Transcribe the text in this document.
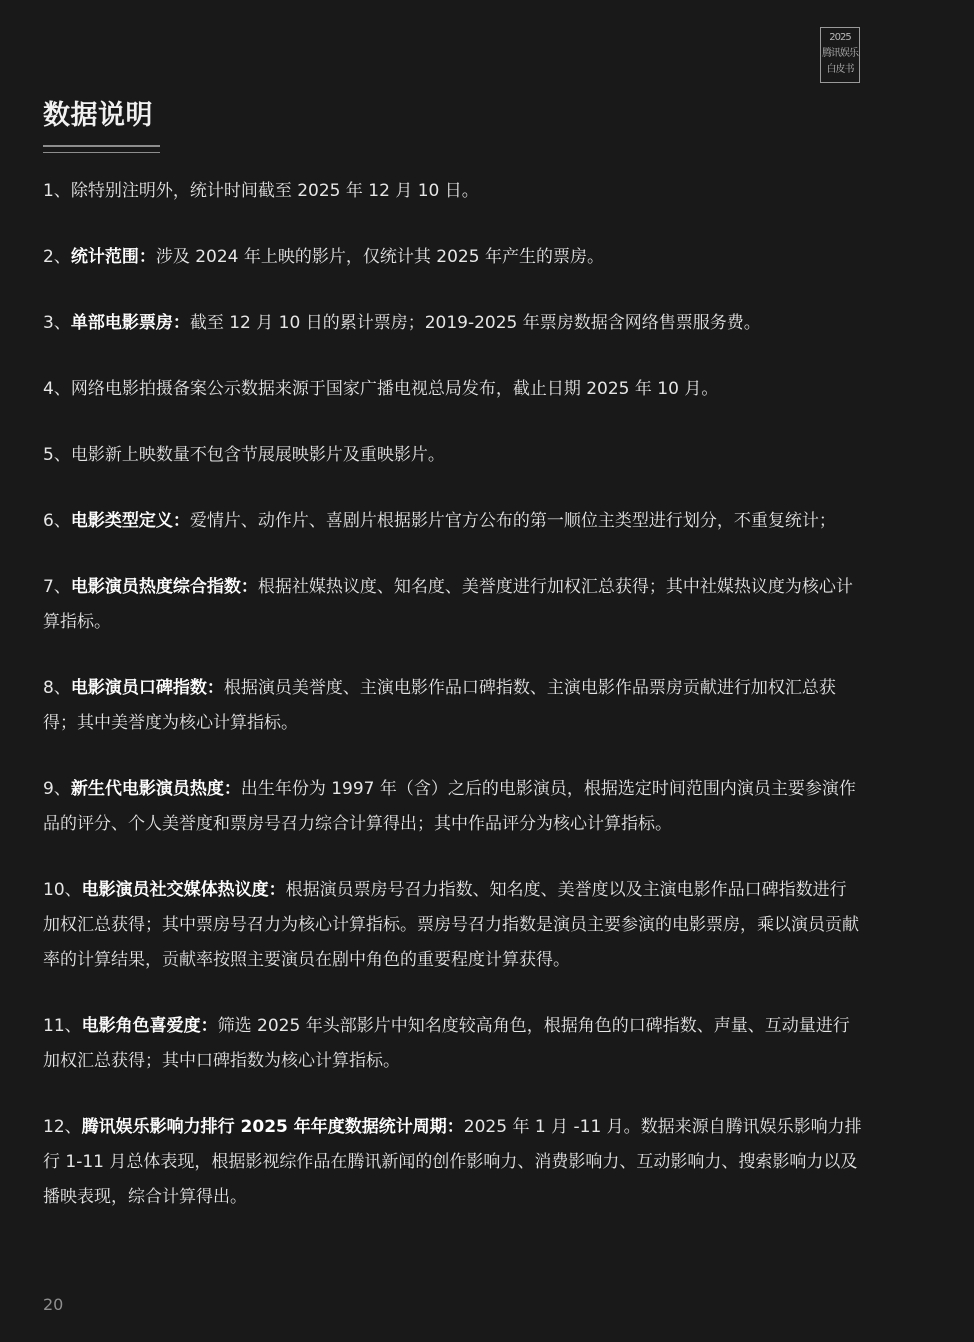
2025
腾讯娱乐
白皮书
数据说明
1、除特别注明外，统计时间截至 2025 年 12 月 10 日。
2、统计范围：涉及 2024 年上映的影片，仅统计其 2025 年产生的票房。
3、单部电影票房：截至 12 月 10 日的累计票房；2019-2025 年票房数据含网络售票服务费。
4、网络电影拍摄备案公示数据来源于国家广播电视总局发布，截止日期 2025 年 10 月。
5、电影新上映数量不包含节展展映影片及重映影片。
6、电影类型定义：爱情片、动作片、喜剧片根据影片官方公布的第一顺位主类型进行划分，不重复统计；
7、电影演员热度综合指数：根据社媒热议度、知名度、美誉度进行加权汇总获得；其中社媒热议度为核心计算指标。
8、电影演员口碑指数：根据演员美誉度、主演电影作品口碑指数、主演电影作品票房贡献进行加权汇总获得；其中美誉度为核心计算指标。
9、新生代电影演员热度：出生年份为 1997 年（含）之后的电影演员，根据选定时间范围内演员主要参演作品的评分、个人美誉度和票房号召力综合计算得出；其中作品评分为核心计算指标。
10、电影演员社交媒体热议度：根据演员票房号召力指数、知名度、美誉度以及主演电影作品口碑指数进行加权汇总获得；其中票房号召力为核心计算指标。票房号召力指数是演员主要参演的电影票房，乘以演员贡献率的计算结果，贡献率按照主要演员在剧中角色的重要程度计算获得。
11、电影角色喜爱度：筛选 2025 年头部影片中知名度较高角色，根据角色的口碑指数、声量、互动量进行加权汇总获得；其中口碑指数为核心计算指标。
12、腾讯娱乐影响力排行 2025 年年度数据统计周期：2025 年 1 月 -11 月。数据来源自腾讯娱乐影响力排行 1-11 月总体表现，根据影视综作品在腾讯新闻的创作影响力、消费影响力、互动影响力、搜索影响力以及播映表现，综合计算得出。
20
